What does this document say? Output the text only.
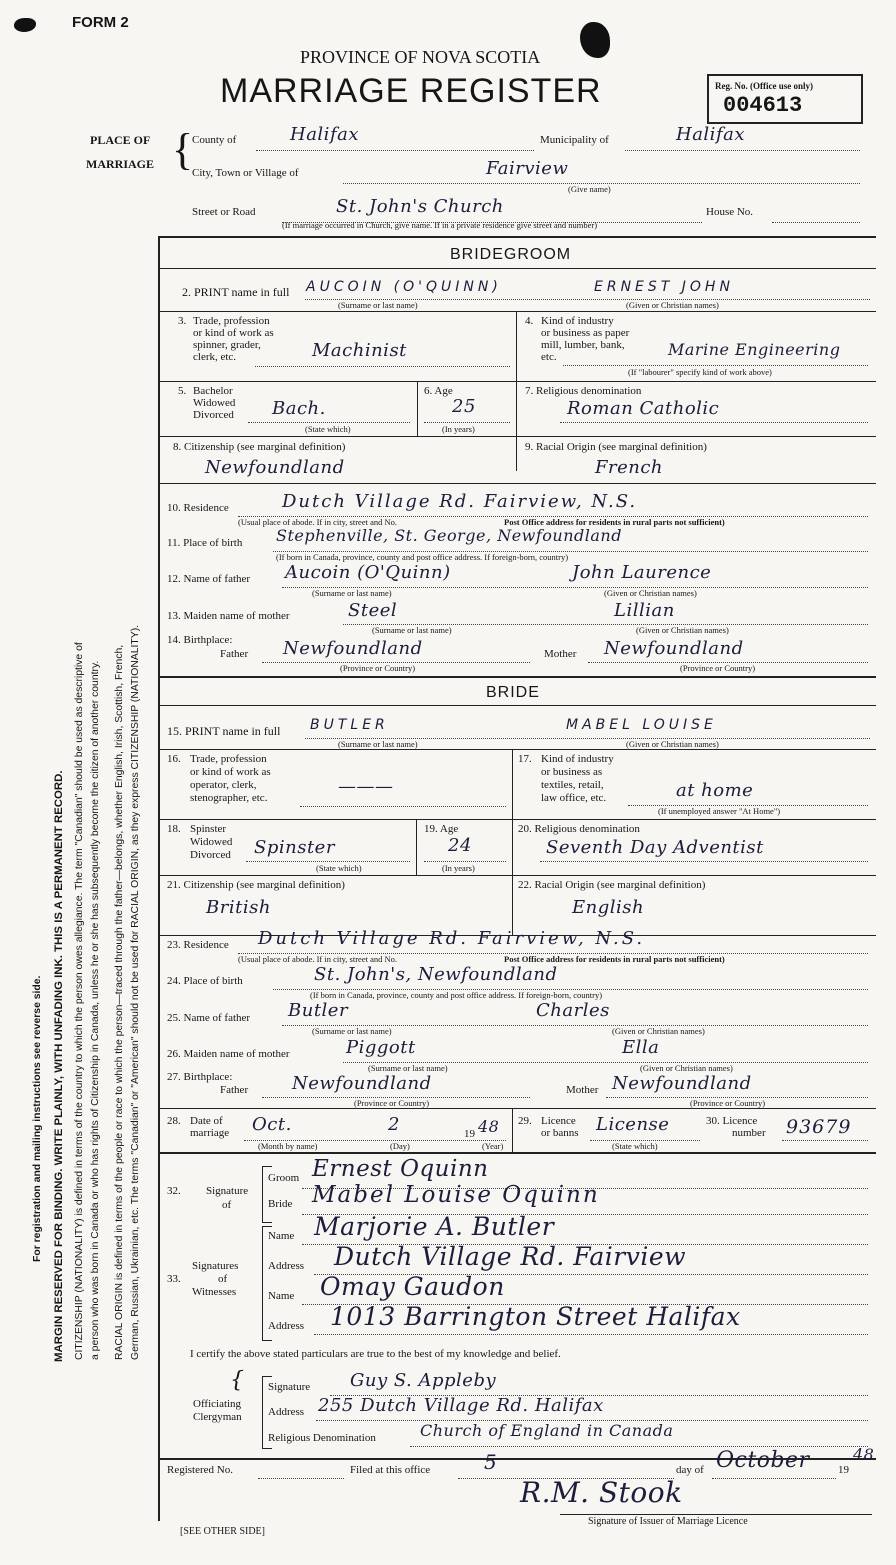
FORM 2
PROVINCE OF NOVA SCOTIA
MARRIAGE REGISTER	Reg. No. (Office use only)
004613
PLACE OF
MARRIAGE {
County of	Halifax	Municipality of	Halifax
City, Town or Village of	Fairview
(Give name)
Street or Road	St. John's Church	House No.
(If marriage occurred in Church, give name. If in a private residence give street and number)
BRIDEGROOM
2. PRINT name in full AUCOIN (O'QUINN)	ERNEST JOHN
(Surname or last name)	(Given or Christian names)
3. Trade, profession
or kind of work as
spinner, grader,
clerk, etc.	Machinist
4. Kind of industry
or business as paper
mill, lumber, bank,
etc.	Marine Engineering
(If "labourer" specify kind of work above)
5. Bachelor
Widowed
Divorced Bach.
(State which)
6. Age
25
(In years)
7. Religious denomination
Roman Catholic
8. Citizenship (see marginal definition)
Newfoundland
9. Racial Origin (see marginal definition)
French
10. Residence	Dutch Village Rd. Fairview, N.S.
(Usual place of abode. If in city, street and No.	Post Office address for residents in rural parts not sufficient)
11. Place of birth Stephenville, St. George, Newfoundland
(If born in Canada, province, county and post office address. If foreign-born, country)
12. Name of father Aucoin (O'Quinn)	John Laurence
(Surname or last name)	(Given or Christian names)
13. Maiden name of mother	Steel	Lillian
(Surname or last name)	(Given or Christian names)
14. Birthplace:
Father Newfoundland	Mother Newfoundland
(Province or Country)	(Province or Country)
BRIDE
15. PRINT name in full BUTLER	MABEL LOUISE
(Surname or last name)	(Given or Christian names)
16. Trade, profession
or kind of work as
operator, clerk,
stenographer, etc.
———
17. Kind of industry
or business as
textiles, retail,
law office, etc.	at home
(If unemployed answer "At Home")
18. Spinster
Widowed
Divorced Spinster
(State which)
19. Age
24
(In years)
20. Religious denomination
Seventh Day Adventist
21. Citizenship (see marginal definition)
British
22. Racial Origin (see marginal definition)
English
23. Residence Dutch Village Rd. Fairview, N.S.
(Usual place of abode. If in city, street and No.	Post Office address for residents in rural parts not sufficient)
24. Place of birth	St. John's, Newfoundland
(If born in Canada, province, county and post office address. If foreign-born, country)
25. Name of father Butler	Charles
(Surname or last name)	(Given or Christian names)
26. Maiden name of mother	Piggott	Ella
(Surname or last name)	(Given or Christian names)
27. Birthplace:
Father Newfoundland	Mother Newfoundland
(Province or Country)	(Province or Country)
28. Date of
marriage Oct.	2	19 48
(Month by name)	(Day)	(Year)
29. Licence
or banns License
(State which)
30. Licence
number 93679
32. Signature
of
Groom Ernest Oquinn
Bride Mabel Louise Oquinn
33.
Signatures
of
Witnesses
Name Marjorie A. Butler
Address Dutch Village Rd. Fairview
Name Omay Gaudon
Address 1013 Barrington Street Halifax
I certify the above stated particulars are true to the best of my knowledge and belief.
{
Officiating
Clergyman
Signature Guy S. Appleby
Address 255 Dutch Village Rd. Halifax
Religious Denomination	Church of England in Canada
Registered No.	Filed at this office	5	day of October	19
48
R.M. Stook
Signature of Issuer of Marriage Licence
[SEE OTHER SIDE]
For registration and mailing instructions see reverse side. MARGIN RESERVED FOR BINDING. WRITE PLAINLY, WITH UNFADING INK. THIS IS A PERMANENT RECORD. CITIZENSHIP (NATIONALITY) is defined in terms of the country to which the person owes allegiance. The term "Canadian" should be used as descriptive of a person who was born in Canada or who has rights of Citizenship in Canada, unless he or she has subsequently become the citizen of another country. RACIAL ORIGIN is defined in terms of the people or race to which the person—traced through the father—belongs, whether English, Irish, Scottish, French, German, Russian, Ukrainian, etc. The terms "Canadian" or "American" should not be used for RACIAL ORIGIN, as they express CITIZENSHIP (NATIONALITY).
